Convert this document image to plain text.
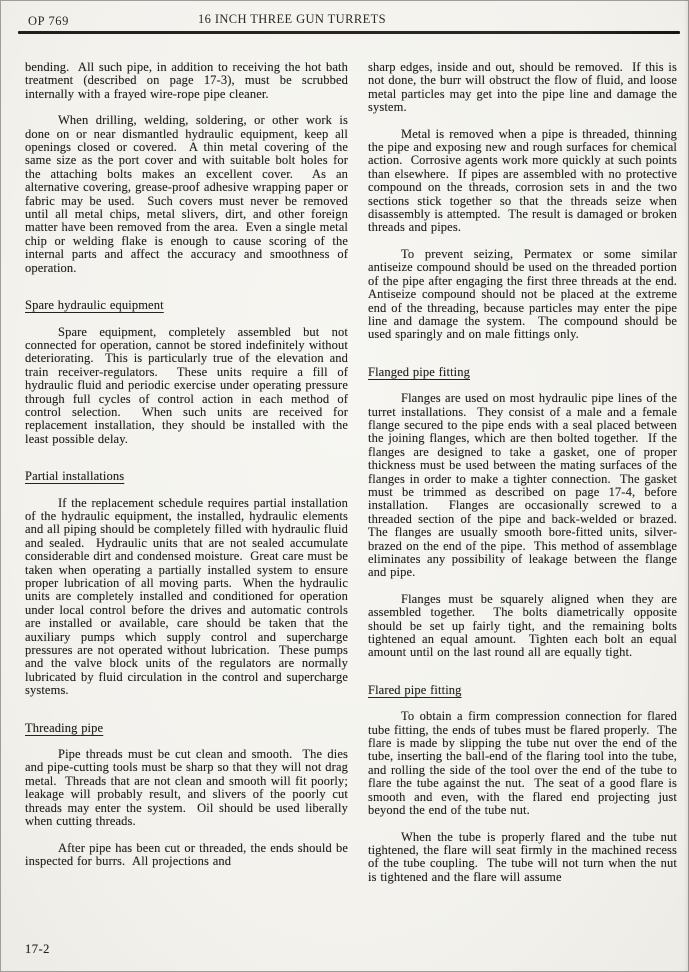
OP 769	16 INCH THREE GUN TURRETS

bending.  All such pipe, in addition to receiving the hot bath treatment (described on page 17-3), must be scrubbed internally with a frayed wire-rope pipe cleaner.

When drilling, welding, soldering, or other work is done on or near dismantled hydraulic equipment, keep all openings closed or covered.  A thin metal covering of the same size as the port cover and with suitable bolt holes for the attaching bolts makes an excellent cover.  As an alternative covering, grease-proof adhesive wrapping paper or fabric may be used.  Such covers must never be removed until all metal chips, metal slivers, dirt, and other foreign matter have been removed from the area.  Even a single metal chip or welding flake is enough to cause scoring of the internal parts and affect the accuracy and smoothness of operation.

Spare hydraulic equipment

Spare equipment, completely assembled but not connected for operation, cannot be stored indefinitely without deteriorating.  This is particularly true of the elevation and train receiver-regulators.  These units require a fill of hydraulic fluid and periodic exercise under operating pressure through full cycles of control action in each method of control selection.  When such units are received for replacement installation, they should be installed with the least possible delay.

Partial installations

If the replacement schedule requires partial installation of the hydraulic equipment, the installed, hydraulic elements and all piping should be completely filled with hydraulic fluid and sealed.  Hydraulic units that are not sealed accumulate considerable dirt and condensed moisture.  Great care must be taken when operating a partially installed system to ensure proper lubrication of all moving parts.  When the hydraulic units are completely installed and conditioned for operation under local control before the drives and automatic controls are installed or available, care should be taken that the auxiliary pumps which supply control and supercharge pressures are not operated without lubrication.  These pumps and the valve block units of the regulators are normally lubricated by fluid circulation in the control and supercharge systems.

Threading pipe

Pipe threads must be cut clean and smooth.  The dies and pipe-cutting tools must be sharp so that they will not drag metal.  Threads that are not clean and smooth will fit poorly; leakage will probably result, and slivers of the poorly cut threads may enter the system.  Oil should be used liberally when cutting threads.

After pipe has been cut or threaded, the ends should be inspected for burrs.  All projections and

sharp edges, inside and out, should be removed.  If this is not done, the burr will obstruct the flow of fluid, and loose metal particles may get into the pipe line and damage the system.

Metal is removed when a pipe is threaded, thinning the pipe and exposing new and rough surfaces for chemical action.  Corrosive agents work more quickly at such points than elsewhere.  If pipes are assembled with no protective compound on the threads, corrosion sets in and the two sections stick together so that the threads seize when disassembly is attempted.  The result is damaged or broken threads and pipes.

To prevent seizing, Permatex or some similar antiseize compound should be used on the threaded portion of the pipe after engaging the first three threads at the end.  Antiseize compound should not be placed at the extreme end of the threading, because particles may enter the pipe line and damage the system.  The compound should be used sparingly and on male fittings only.

Flanged pipe fitting

Flanges are used on most hydraulic pipe lines of the turret installations.  They consist of a male and a female flange secured to the pipe ends with a seal placed between the joining flanges, which are then bolted together.  If the flanges are designed to take a gasket, one of proper thickness must be used between the mating surfaces of the flanges in order to make a tighter connection.  The gasket must be trimmed as described on page 17-4, before installation.  Flanges are occasionally screwed to a threaded section of the pipe and back-welded or brazed.  The flanges are usually smooth bore-fitted units, silver-brazed on the end of the pipe.  This method of assemblage eliminates any possibility of leakage between the flange and pipe.

Flanges must be squarely aligned when they are assembled together.  The bolts diametrically opposite should be set up fairly tight, and the remaining bolts tightened an equal amount.  Tighten each bolt an equal amount until on the last round all are equally tight.

Flared pipe fitting

To obtain a firm compression connection for flared tube fitting, the ends of tubes must be flared properly.  The flare is made by slipping the tube nut over the end of the tube, inserting the ball-end of the flaring tool into the tube, and rolling the side of the tool over the end of the tube to flare the tube against the nut.  The seat of a good flare is smooth and even, with the flared end projecting just beyond the end of the tube nut.

When the tube is properly flared and the tube nut tightened, the flare will seat firmly in the machined recess of the tube coupling.  The tube will not turn when the nut is tightened and the flare will assume

17-2
